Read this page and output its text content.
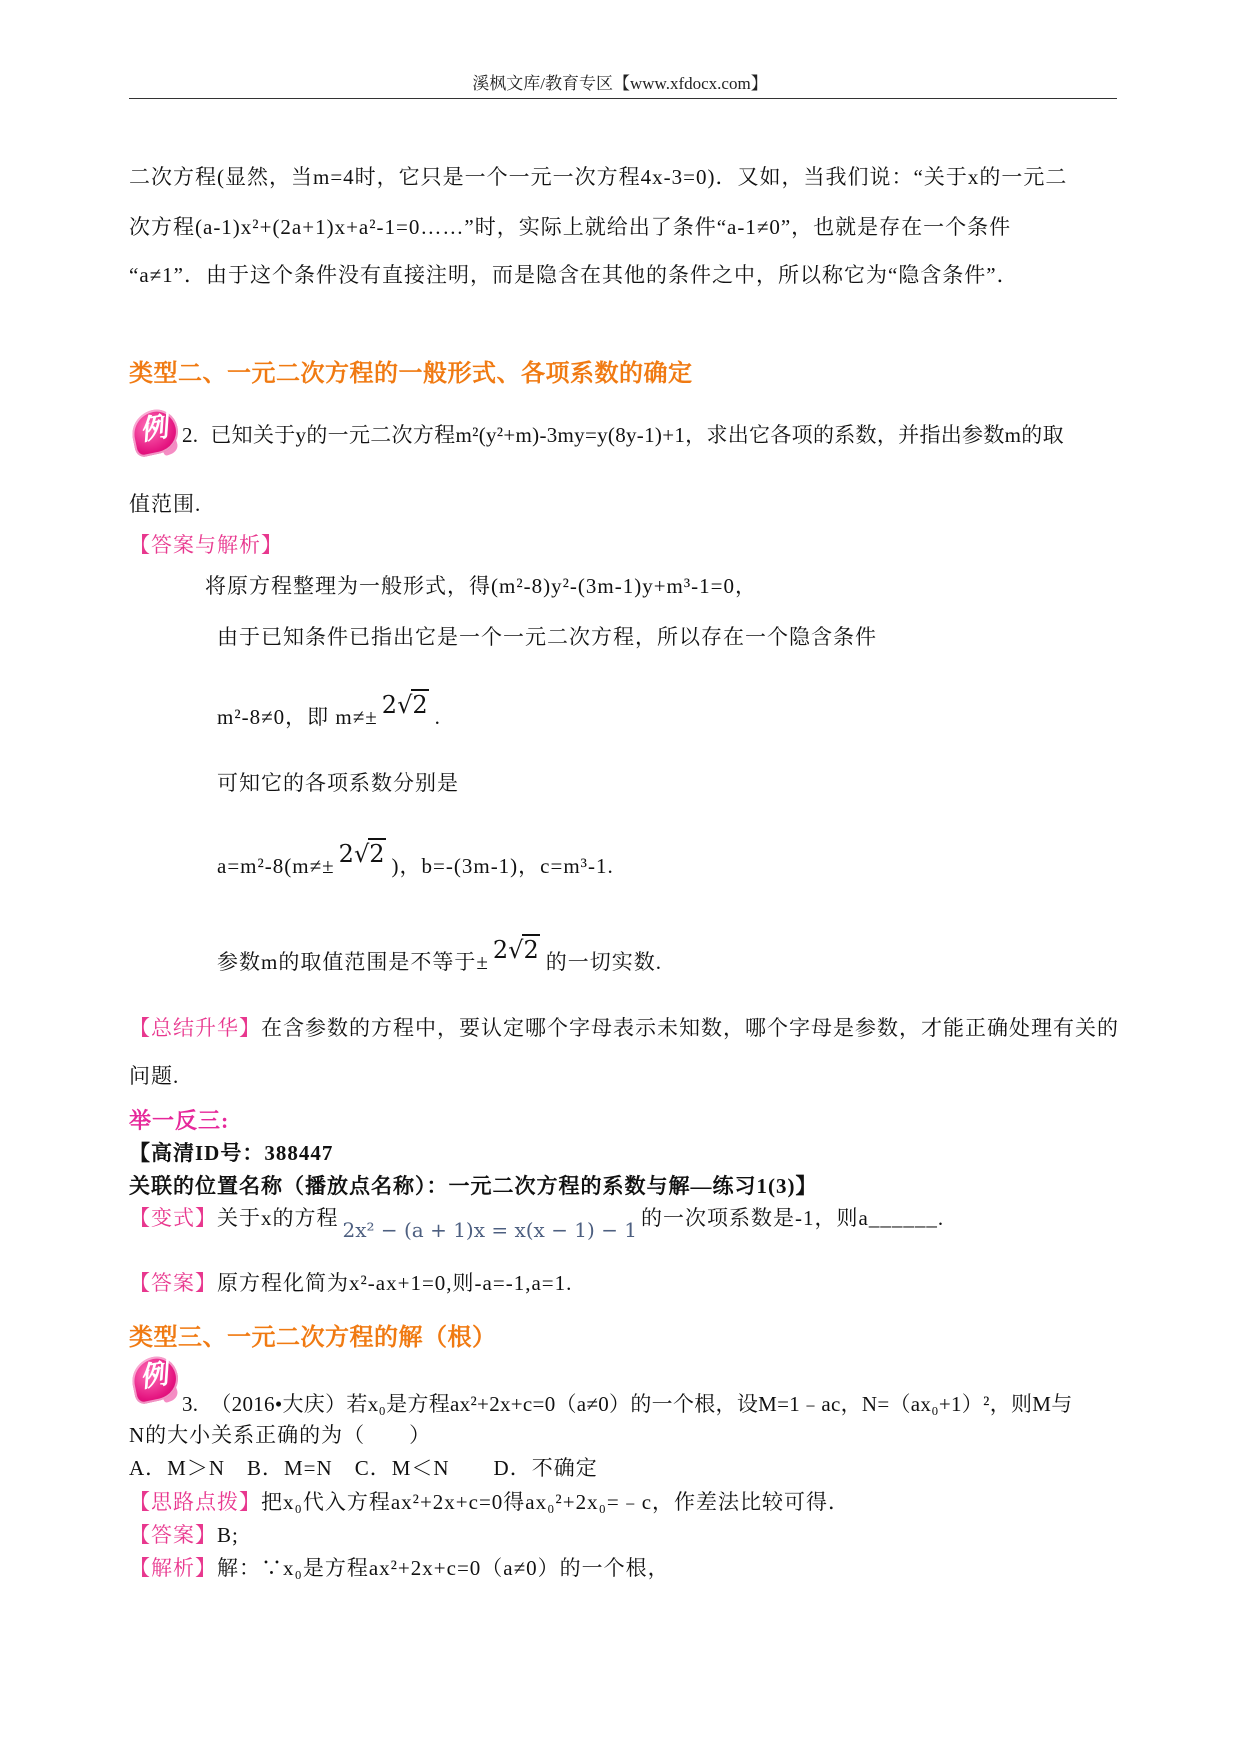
溪枫文库/教育专区【www.xfdocx.com】
二次方程(显然，当m=4时，它只是一个一元一次方程4x-3=0)．又如，当我们说：“关于x的一元二
次方程(a-1)x²+(2a+1)x+a²-1=0……”时，实际上就给出了条件“a-1≠0”，也就是存在一个条件
“a≠1”．由于这个条件没有直接注明，而是隐含在其他的条件之中，所以称它为“隐含条件”．
类型二、一元二次方程的一般形式、各项系数的确定
例 2. 已知关于y的一元二次方程m²(y²+m)-3my=y(8y-1)+1，求出它各项的系数，并指出参数m的取
值范围.
【答案与解析】
将原方程整理为一般形式，得(m²-8)y²-(3m-1)y+m³-1=0，
由于已知条件已指出它是一个一元二次方程，所以存在一个隐含条件
m²-8≠0，即 m≠± 2√2 .
可知它的各项系数分别是
a=m²-8(m≠± 2√2 )，b=-(3m-1)，c=m³-1.
参数m的取值范围是不等于± 2√2 的一切实数.
【总结升华】在含参数的方程中，要认定哪个字母表示未知数，哪个字母是参数，才能正确处理有关的
问题.
举一反三:
【高清ID号：388447
关联的位置名称（播放点名称）：一元二次方程的系数与解—练习1(3)】
【变式】关于x的方程 2x² − (a + 1)x = x(x − 1) − 1 的一次项系数是-1，则a______.
【答案】原方程化简为x²-ax+1=0,则-a=-1,a=1.
类型三、一元二次方程的解（根）
例
3. （2016•大庆）若x₀是方程ax²+2x+c=0（a≠0）的一个根，设M=1﹣ac，N=（ax₀+1）²，则M与
N的大小关系正确的为（　　）
A．M＞N　B．M=N　C．M＜N　　D．不确定
【思路点拨】把x₀代入方程ax²+2x+c=0得ax₀²+2x₀=﹣c，作差法比较可得．
【答案】B;
【解析】解：∵x₀是方程ax²+2x+c=0（a≠0）的一个根，
